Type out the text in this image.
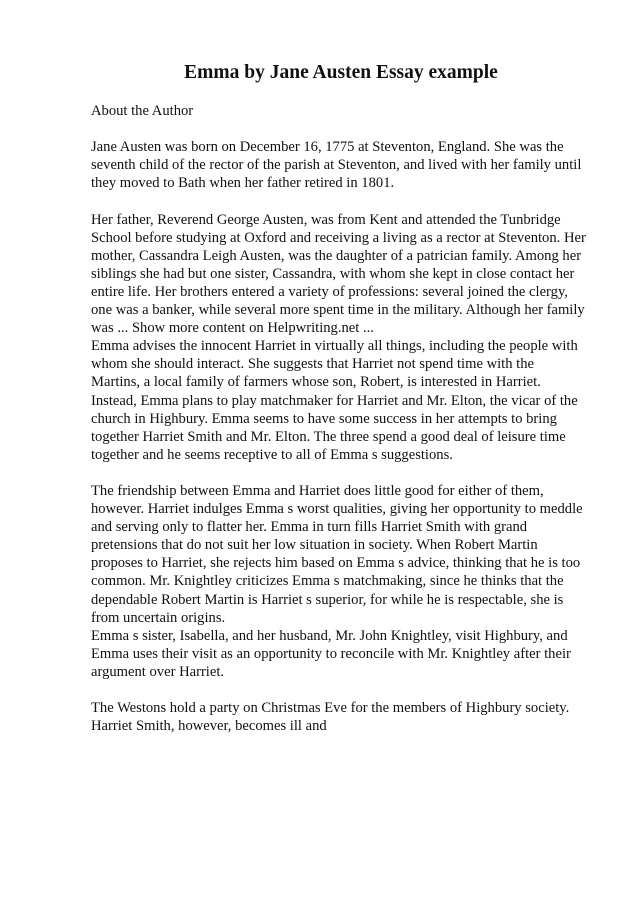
Emma by Jane Austen Essay example

About the Author

Jane Austen was born on December 16, 1775 at Steventon, England. She was the
seventh child of the rector of the parish at Steventon, and lived with her family until
they moved to Bath when her father retired in 1801.

Her father, Reverend George Austen, was from Kent and attended the Tunbridge
School before studying at Oxford and receiving a living as a rector at Steventon. Her
mother, Cassandra Leigh Austen, was the daughter of a patrician family. Among her
siblings she had but one sister, Cassandra, with whom she kept in close contact her
entire life. Her brothers entered a variety of professions: several joined the clergy,
one was a banker, while several more spent time in the military. Although her family
was ... Show more content on Helpwriting.net ...
Emma advises the innocent Harriet in virtually all things, including the people with
whom she should interact. She suggests that Harriet not spend time with the
Martins, a local family of farmers whose son, Robert, is interested in Harriet.
Instead, Emma plans to play matchmaker for Harriet and Mr. Elton, the vicar of the
church in Highbury. Emma seems to have some success in her attempts to bring
together Harriet Smith and Mr. Elton. The three spend a good deal of leisure time
together and he seems receptive to all of Emma s suggestions.

The friendship between Emma and Harriet does little good for either of them,
however. Harriet indulges Emma s worst qualities, giving her opportunity to meddle
and serving only to flatter her. Emma in turn fills Harriet Smith with grand
pretensions that do not suit her low situation in society. When Robert Martin
proposes to Harriet, she rejects him based on Emma s advice, thinking that he is too
common. Mr. Knightley criticizes Emma s matchmaking, since he thinks that the
dependable Robert Martin is Harriet s superior, for while he is respectable, she is
from uncertain origins.
Emma s sister, Isabella, and her husband, Mr. John Knightley, visit Highbury, and
Emma uses their visit as an opportunity to reconcile with Mr. Knightley after their
argument over Harriet.

The Westons hold a party on Christmas Eve for the members of Highbury society.
Harriet Smith, however, becomes ill and
